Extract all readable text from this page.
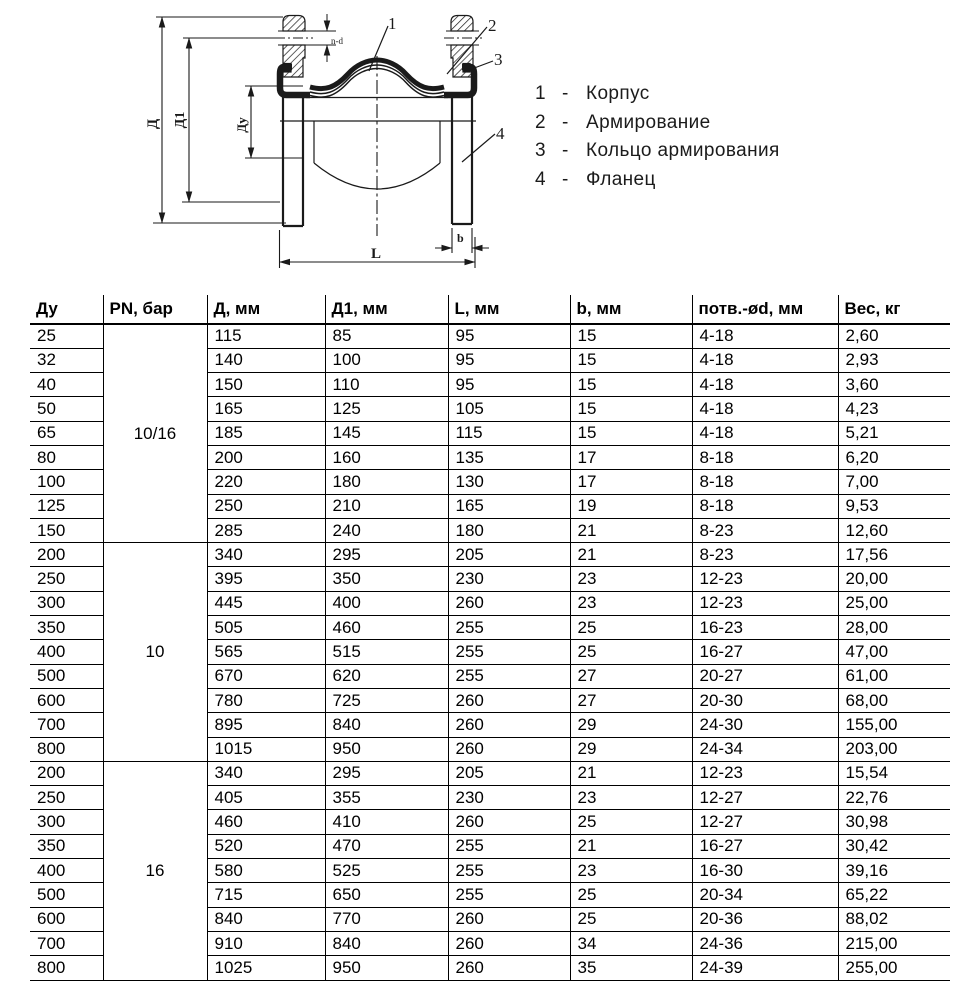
Д Д1	Ду
n-d
b
L
1	2
3
4
1 - Корпус
2 - Армирование
3 - Кольцо армирования
4 - Фланец
Ду	PN, бар	Д, мм	Д1, мм	L, мм	b, мм	потв.-ød, мм	Вес, кг
25	10/16	115	85	95	15	4-18	2,60
32		140	100	95	15	4-18	2,93
40		150	110	95	15	4-18	3,60
50		165	125	105	15	4-18	4,23
65		185	145	115	15	4-18	5,21
80		200	160	135	17	8-18	6,20
100		220	180	130	17	8-18	7,00
125		250	210	165	19	8-18	9,53
150		285	240	180	21	8-23	12,60
200	10	340	295	205	21	8-23	17,56
250		395	350	230	23	12-23	20,00
300		445	400	260	23	12-23	25,00
350		505	460	255	25	16-23	28,00
400		565	515	255	25	16-27	47,00
500		670	620	255	27	20-27	61,00
600		780	725	260	27	20-30	68,00
700		895	840	260	29	24-30	155,00
800		1015	950	260	29	24-34	203,00
200	16	340	295	205	21	12-23	15,54
250		405	355	230	23	12-27	22,76
300		460	410	260	25	12-27	30,98
350		520	470	255	21	16-27	30,42
400		580	525	255	23	16-30	39,16
500		715	650	255	25	20-34	65,22
600		840	770	260	25	20-36	88,02
700		910	840	260	34	24-36	215,00
800		1025	950	260	35	24-39	255,00
